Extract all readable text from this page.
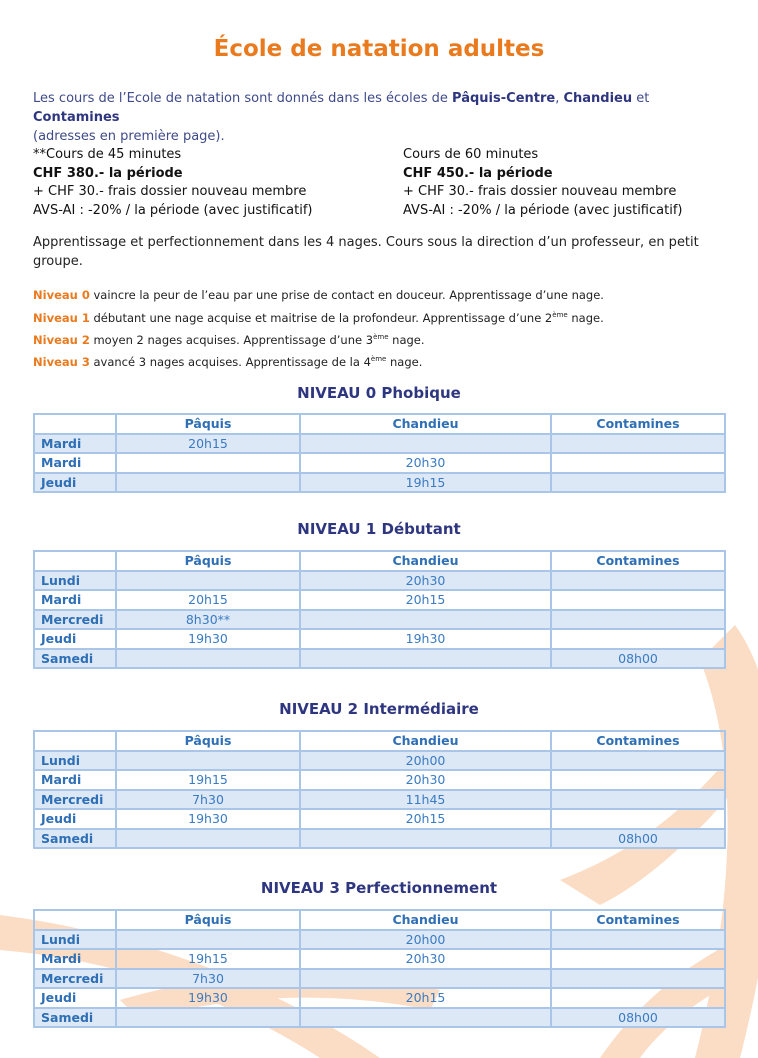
École de natation adultes
Les cours de l’Ecole de natation sont donnés dans les écoles de Pâquis-Centre, Chandieu et Contamines
(adresses en première page).
**Cours de 45 minutes
CHF 380.- la période
+ CHF 30.- frais dossier nouveau membre
AVS-AI : -20% / la période (avec justificatif)
Cours de 60 minutes
CHF 450.- la période
+ CHF 30.- frais dossier nouveau membre
AVS-AI : -20% / la période (avec justificatif)
Apprentissage et perfectionnement dans les 4 nages. Cours sous la direction d’un professeur, en petit groupe.
Niveau 0 vaincre la peur de l’eau par une prise de contact en douceur. Apprentissage d’une nage.
Niveau 1 débutant une nage acquise et maitrise de la profondeur. Apprentissage d’une 2ème nage.
Niveau 2 moyen 2 nages acquises. Apprentissage d’une 3ème nage.
Niveau 3 avancé 3 nages acquises. Apprentissage de la 4ème nage.
NIVEAU 0 Phobique
	Pâquis	Chandieu	Contamines
Mardi	20h15		
Mardi		20h30	
Jeudi		19h15	
NIVEAU 1 Débutant
	Pâquis	Chandieu	Contamines
Lundi		20h30	
Mardi	20h15	20h15	
Mercredi	8h30**		
Jeudi	19h30	19h30	
Samedi			08h00
NIVEAU 2 Intermédiaire
	Pâquis	Chandieu	Contamines
Lundi		20h00	
Mardi	19h15	20h30	
Mercredi	7h30	11h45	
Jeudi	19h30	20h15	
Samedi			08h00
NIVEAU 3 Perfectionnement
	Pâquis	Chandieu	Contamines
Lundi		20h00	
Mardi	19h15	20h30	
Mercredi	7h30		
Jeudi	19h30	20h15	
Samedi			08h00
